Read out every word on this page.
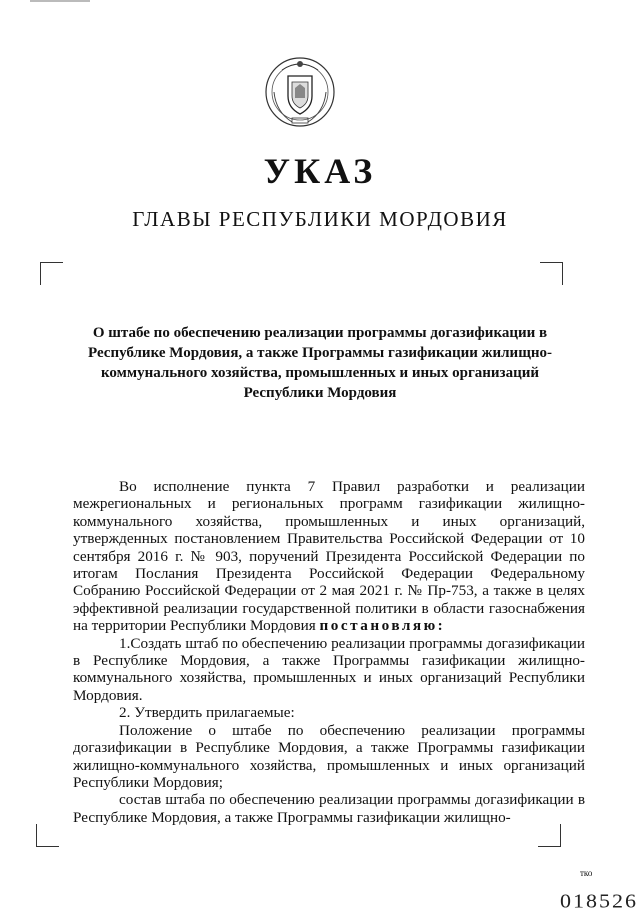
УКАЗ
ГЛАВЫ РЕСПУБЛИКИ МОРДОВИЯ
О штабе по обеспечению реализации программы догазификации в
Республике Мордовия, а также Программы газификации жилищно-
коммунального хозяйства, промышленных и иных организаций
Республики Мордовия

Во исполнение пункта 7 Правил разработки и реализации межрегиональных и региональных программ газификации жилищно-коммунального хозяйства, промышленных и иных организаций, утвержденных постановлением Правительства Российской Федерации от 10 сентября 2016 г. № 903, поручений Президента Российской Федерации по итогам Послания Президента Российской Федерации Федеральному Собранию Российской Федерации от 2 мая 2021 г. № Пр-753, а также в целях эффективной реализации государственной политики в области газоснабжения на территории Республики Мордовия постановляю:

1.Создать штаб по обеспечению реализации программы догазификации в Республике Мордовия, а также Программы газификации жилищно-коммунального хозяйства, промышленных и иных организаций Республики Мордовия.

2. Утвердить прилагаемые:

Положение о штабе по обеспечению реализации программы догазификации в Республике Мордовия, а также Программы газификации жилищно-коммунального хозяйства, промышленных и иных организаций Республики Мордовия;

состав штаба по обеспечению реализации программы догазификации в Республике Мордовия, а также Программы газификации жилищно-

тко
018526
